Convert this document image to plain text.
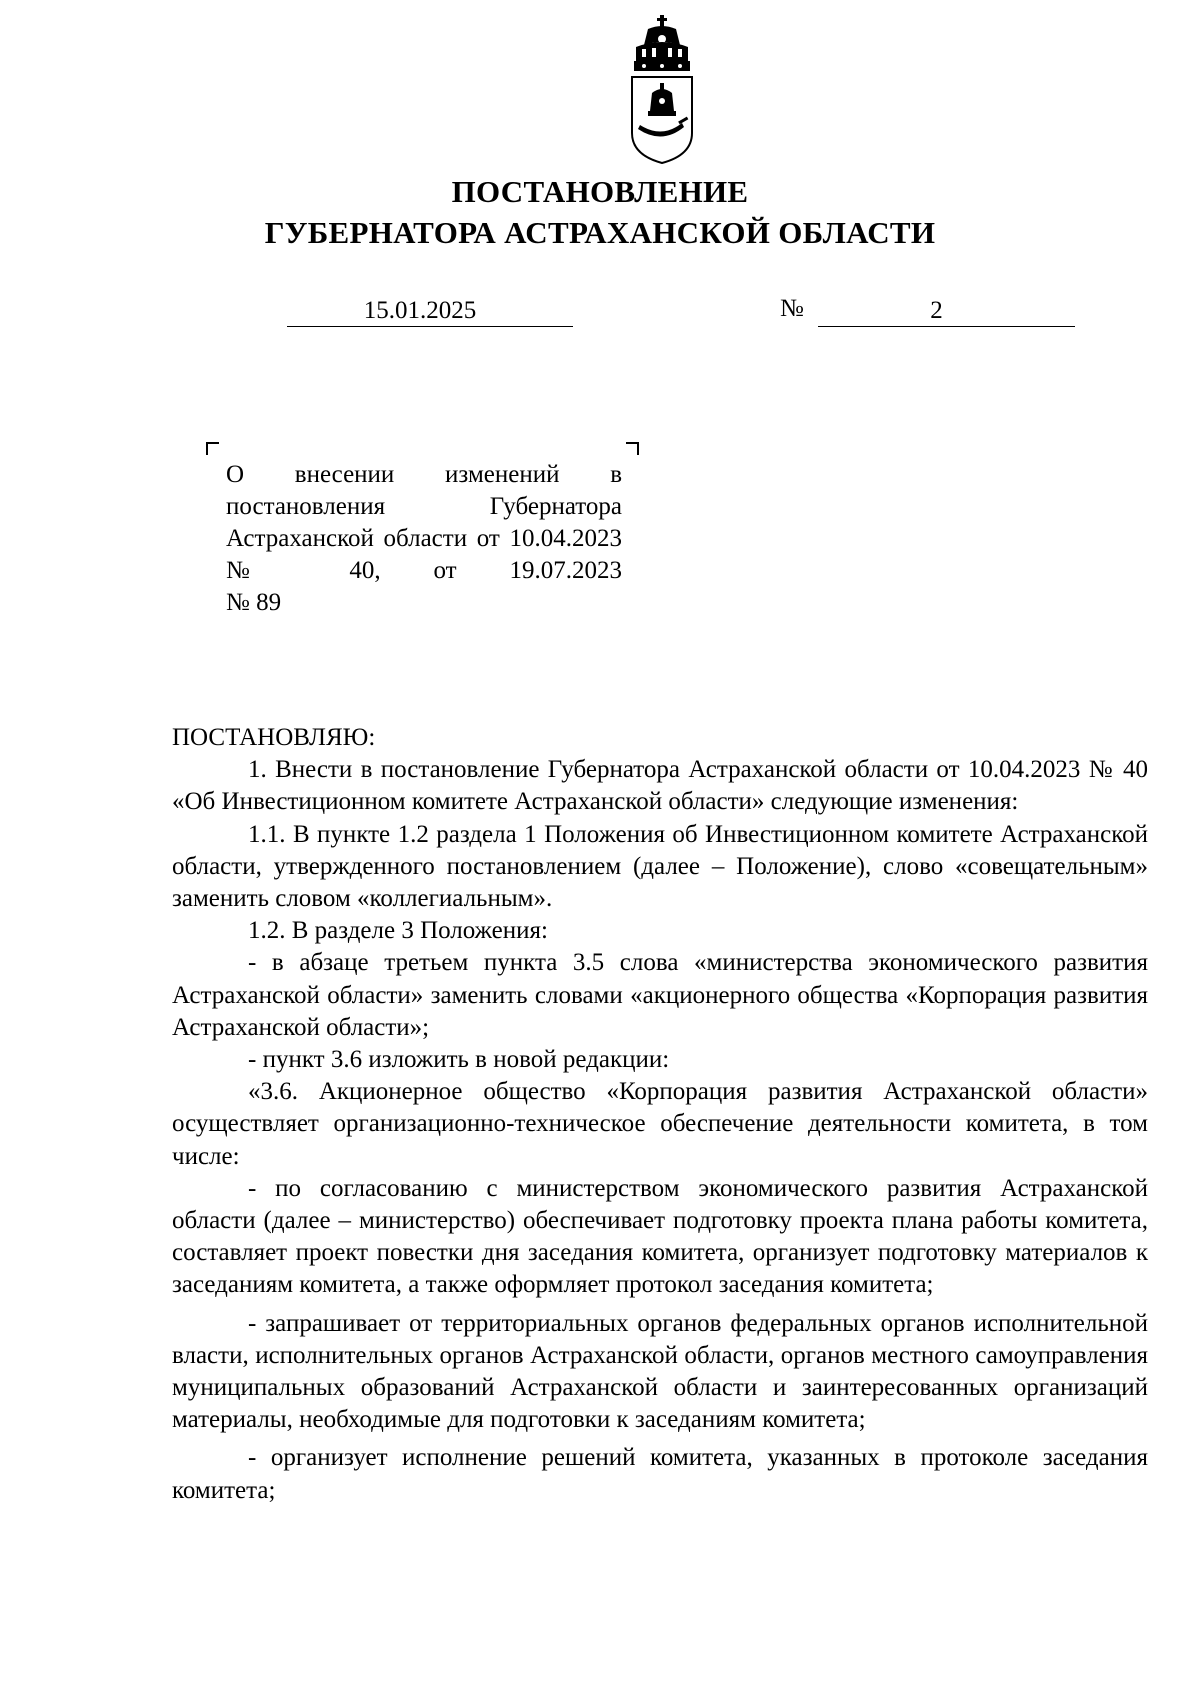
ПОСТАНОВЛЕНИЕ
ГУБЕРНАТОРА АСТРАХАНСКОЙ ОБЛАСТИ
15.01.2025	№	2
О внесении изменений в постановления Губернатора Астраханской области от 10.04.2023 № 40, от 19.07.2023
№ 89

ПОСТАНОВЛЯЮ:

1. Внести в постановление Губернатора Астраханской области от 10.04.2023 № 40 «Об Инвестиционном комитете Астраханской области» следующие изменения:

1.1. В пункте 1.2 раздела 1 Положения об Инвестиционном комитете Астраханской области, утвержденного постановлением (далее – Положение), слово «совещательным» заменить словом «коллегиальным».

1.2. В разделе 3 Положения:

- в абзаце третьем пункта 3.5 слова «министерства экономического развития Астраханской области» заменить словами «акционерного общества «Корпорация развития Астраханской области»;

- пункт 3.6 изложить в новой редакции:

«3.6. Акционерное общество «Корпорация развития Астраханской области» осуществляет организационно-техническое обеспечение деятельности комитета, в том числе:

- по согласованию с министерством экономического развития Астраханской области (далее – министерство) обеспечивает подготовку проекта плана работы комитета, составляет проект повестки дня заседания комитета, организует подготовку материалов к заседаниям комитета, а также оформляет протокол заседания комитета;

- запрашивает от территориальных органов федеральных органов исполнительной власти, исполнительных органов Астраханской области, органов местного самоуправления муниципальных образований Астраханской области и заинтересованных организаций материалы, необходимые для подготовки к заседаниям комитета;

- организует исполнение решений комитета, указанных в протоколе заседания комитета;
